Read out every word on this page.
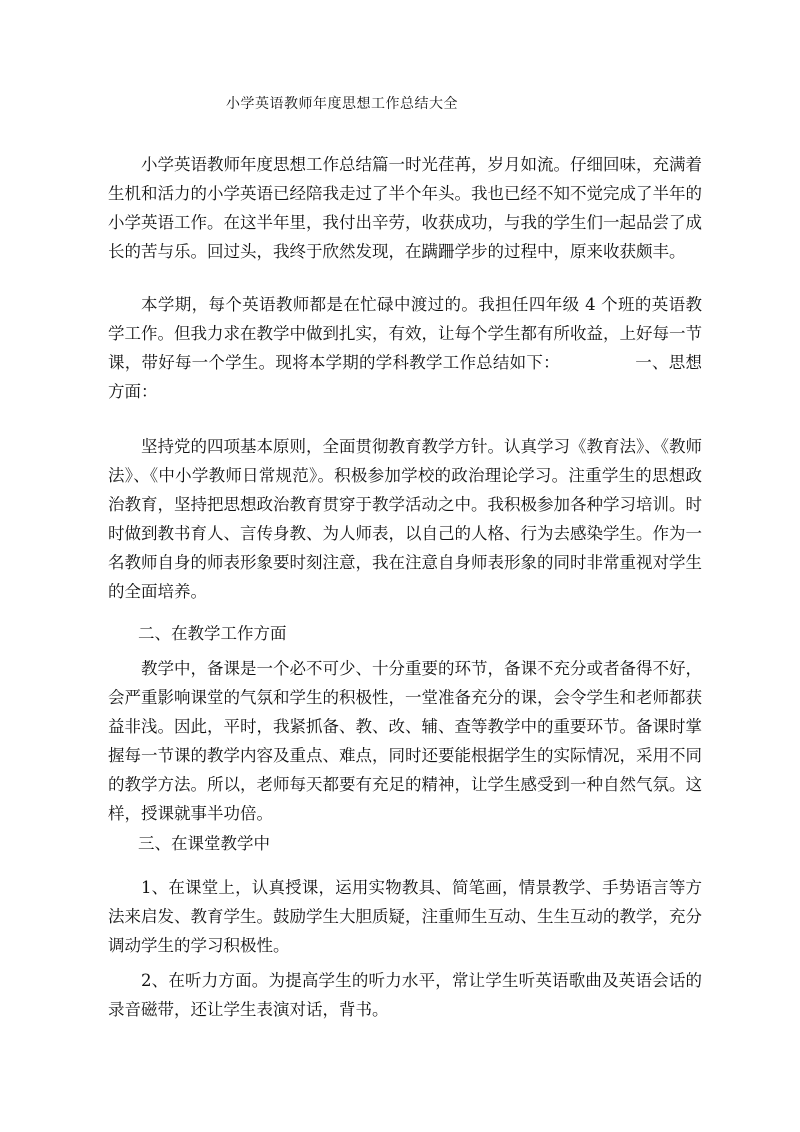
小学英语教师年度思想工作总结大全

小学英语教师年度思想工作总结篇一时光荏苒，岁月如流。仔细回味，充满着生机和活力的小学英语已经陪我走过了半个年头。我也已经不知不觉完成了半年的小学英语工作。在这半年里，我付出辛劳，收获成功，与我的学生们一起品尝了成长的苦与乐。回过头，我终于欣然发现，在蹒跚学步的过程中，原来收获颇丰。

本学期，每个英语教师都是在忙碌中渡过的。我担任四年级 4 个班的英语教学工作。但我力求在教学中做到扎实，有效，让每个学生都有所收益，上好每一节课，带好每一个学生。现将本学期的学科教学工作总结如下：　　　　　一、思想方面：

坚持党的四项基本原则，全面贯彻教育教学方针。认真学习《教育法》、《教师法》、《中小学教师日常规范》。积极参加学校的政治理论学习。注重学生的思想政治教育，坚持把思想政治教育贯穿于教学活动之中。我积极参加各种学习培训。时时做到教书育人、言传身教、为人师表，以自己的人格、行为去感染学生。作为一名教师自身的师表形象要时刻注意，我在注意自身师表形象的同时非常重视对学生的全面培养。

二、在教学工作方面

教学中，备课是一个必不可少、十分重要的环节，备课不充分或者备得不好，会严重影响课堂的气氛和学生的积极性，一堂准备充分的课，会令学生和老师都获益非浅。因此，平时，我紧抓备、教、改、辅、查等教学中的重要环节。备课时掌握每一节课的教学内容及重点、难点，同时还要能根据学生的实际情况，采用不同的教学方法。所以，老师每天都要有充足的精神，让学生感受到一种自然气氛。这样，授课就事半功倍。

三、在课堂教学中

1、在课堂上，认真授课，运用实物教具、简笔画，情景教学、手势语言等方法来启发、教育学生。鼓励学生大胆质疑，注重师生互动、生生互动的教学，充分调动学生的学习积极性。

2、在听力方面。为提高学生的听力水平，常让学生听英语歌曲及英语会话的录音磁带，还让学生表演对话，背书。
